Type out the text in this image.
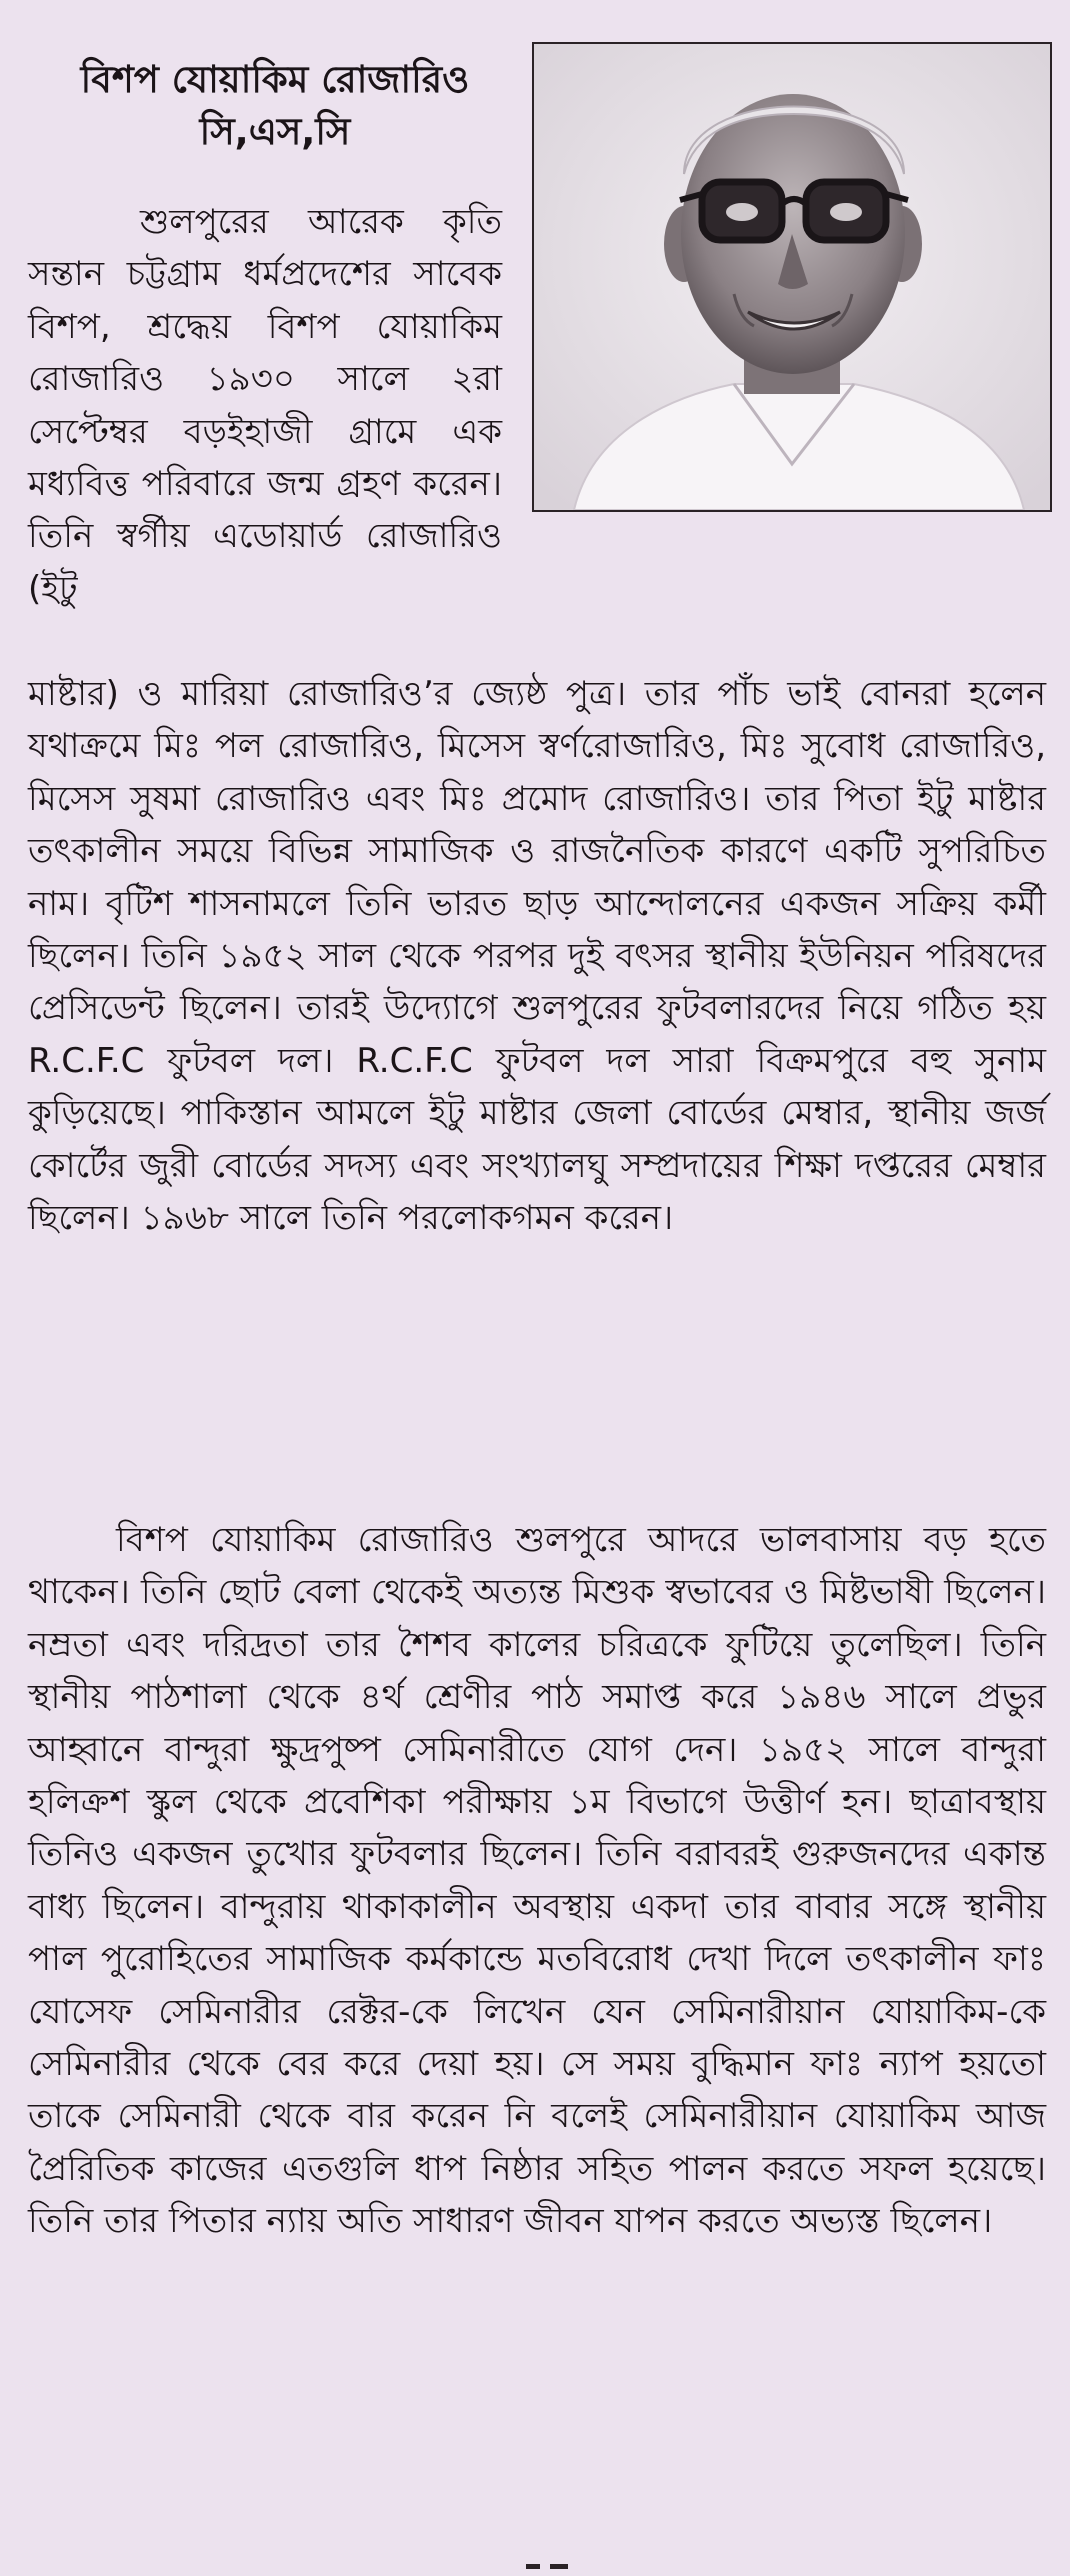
বিশপ যোয়াকিম রোজারিও
সি,এস,সি

শুলপুরের আরেক কৃতি সন্তান চট্টগ্রাম ধর্মপ্রদেশের সাবেক বিশপ, শ্রদ্ধেয় বিশপ যোয়াকিম রোজারিও ১৯৩০ সালে ২রা সেপ্টেম্বর বড়ইহাজী গ্রামে এক মধ্যবিত্ত পরিবারে জন্ম গ্রহণ করেন। তিনি স্বর্গীয় এডোয়ার্ড রোজারিও (ইটু

মাষ্টার) ও মারিয়া রোজারিও’র জ্যেষ্ঠ পুত্র। তার পাঁচ ভাই বোনরা হলেন যথাক্রমে মিঃ পল রোজারিও, মিসেস স্বর্ণরোজারিও, মিঃ সুবোধ রোজারিও, মিসেস সুষমা রোজারিও এবং মিঃ প্রমোদ রোজারিও। তার পিতা ইটু মাষ্টার তৎকালীন সময়ে বিভিন্ন সামাজিক ও রাজনৈতিক কারণে একটি সুপরিচিত নাম। বৃটিশ শাসনামলে তিনি ভারত ছাড় আন্দোলনের একজন সক্রিয় কর্মী ছিলেন। তিনি ১৯৫২ সাল থেকে পরপর দুই বৎসর স্থানীয় ইউনিয়ন পরিষদের প্রেসিডেন্ট ছিলেন। তারই উদ্যোগে শুলপুরের ফুটবলারদের নিয়ে গঠিত হয় R.C.F.C ফুটবল দল। R.C.F.C ফুটবল দল সারা বিক্রমপুরে বহু সুনাম কুড়িয়েছে। পাকিস্তান আমলে ইটু মাষ্টার জেলা বোর্ডের মেম্বার, স্থানীয় জর্জ কোর্টের জুরী বোর্ডের সদস্য এবং সংখ্যালঘু সম্প্রদায়ের শিক্ষা দপ্তরের মেম্বার ছিলেন। ১৯৬৮ সালে তিনি পরলোকগমন করেন।

বিশপ যোয়াকিম রোজারিও শুলপুরে আদরে ভালবাসায় বড় হতে থাকেন। তিনি ছোট বেলা থেকেই অত্যন্ত মিশুক স্বভাবের ও মিষ্টভাষী ছিলেন। নম্রতা এবং দরিদ্রতা তার শৈশব কালের চরিত্রকে ফুটিয়ে তুলেছিল। তিনি স্থানীয় পাঠশালা থেকে ৪র্থ শ্রেণীর পাঠ সমাপ্ত করে ১৯৪৬ সালে প্রভুর আহ্বানে বান্দুরা ক্ষুদ্রপুষ্প সেমিনারীতে যোগ দেন। ১৯৫২ সালে বান্দুরা হলিক্রশ স্কুল থেকে প্রবেশিকা পরীক্ষায় ১ম বিভাগে উত্তীর্ণ হন। ছাত্রাবস্থায় তিনিও একজন তুখোর ফুটবলার ছিলেন। তিনি বরাবরই গুরুজনদের একান্ত বাধ্য ছিলেন। বান্দুরায় থাকাকালীন অবস্থায় একদা তার বাবার সঙ্গে স্থানীয় পাল পুরোহিতের সামাজিক কর্মকান্ডে মতবিরোধ দেখা দিলে তৎকালীন ফাঃ যোসেফ সেমিনারীর রেক্টর-কে লিখেন যেন সেমিনারীয়ান যোয়াকিম-কে সেমিনারীর থেকে বের করে দেয়া হয়। সে সময় বুদ্ধিমান ফাঃ ন্যাপ হয়তো তাকে সেমিনারী থেকে বার করেন নি বলেই সেমিনারীয়ান যোয়াকিম আজ প্রৈরিতিক কাজের এতগুলি ধাপ নিষ্ঠার সহিত পালন করতে সফল হয়েছে। তিনি তার পিতার ন্যায় অতি সাধারণ জীবন যাপন করতে অভ্যস্ত ছিলেন।
